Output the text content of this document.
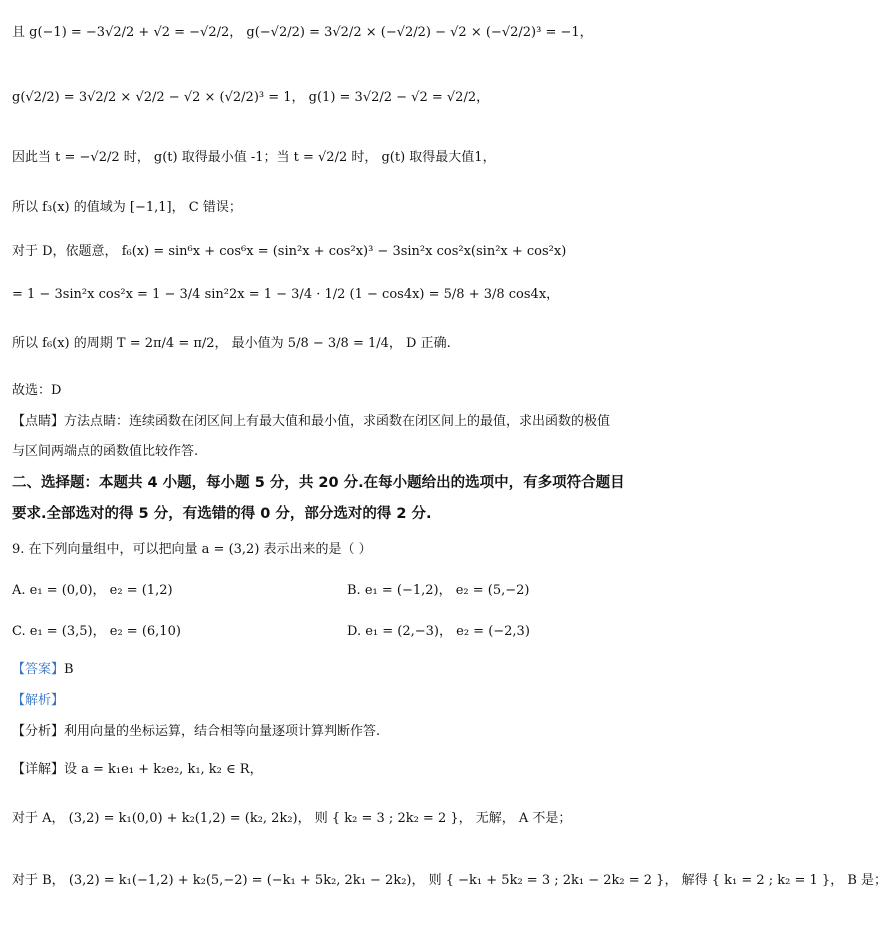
且 g(−1) = −3√2/2 + √2 = −√2/2， g(−√2/2) = 3√2/2 × (−√2/2) − √2 × (−√2/2)³ = −1，
g(√2/2) = 3√2/2 × √2/2 − √2 × (√2/2)³ = 1， g(1) = 3√2/2 − √2 = √2/2，
因此当 t = −√2/2 时， g(t) 取得最小值 -1；当 t = √2/2 时， g(t) 取得最大值1，
所以 f₃(x) 的值域为 [−1,1]， C 错误；
对于 D，依题意， f₆(x) = sin⁶x + cos⁶x = (sin²x + cos²x)³ − 3sin²x cos²x(sin²x + cos²x)
= 1 − 3sin²x cos²x = 1 − 3/4 sin²2x = 1 − 3/4 · 1/2 (1 − cos4x) = 5/8 + 3/8 cos4x，
所以 f₆(x) 的周期 T = 2π/4 = π/2， 最小值为 5/8 − 3/8 = 1/4， D 正确.
故选：D
【点睛】方法点睛：连续函数在闭区间上有最大值和最小值，求函数在闭区间上的最值，求出函数的极值
与区间两端点的函数值比较作答.
二、选择题：本题共 4 小题，每小题 5 分，共 20 分.在每小题给出的选项中，有多项符合题目
要求.全部选对的得 5 分，有选错的得 0 分，部分选对的得 2 分.
9. 在下列向量组中，可以把向量 a = (3,2) 表示出来的是（ ）
A. e₁ = (0,0)， e₂ = (1,2)	B. e₁ = (−1,2)， e₂ = (5,−2)
C. e₁ = (3,5)， e₂ = (6,10)	D. e₁ = (2,−3)， e₂ = (−2,3)
【答案】B
【解析】
【分析】利用向量的坐标运算，结合相等向量逐项计算判断作答.
【详解】设 a = k₁e₁ + k₂e₂, k₁, k₂ ∈ R，
对于 A， (3,2) = k₁(0,0) + k₂(1,2) = (k₂, 2k₂)， 则 { k₂ = 3 ; 2k₂ = 2 }， 无解， A 不是；
对于 B， (3,2) = k₁(−1,2) + k₂(5,−2) = (−k₁ + 5k₂, 2k₁ − 2k₂)， 则 { −k₁ + 5k₂ = 3 ; 2k₁ − 2k₂ = 2 }， 解得 { k₁ = 2 ; k₂ = 1 }， B 是；
